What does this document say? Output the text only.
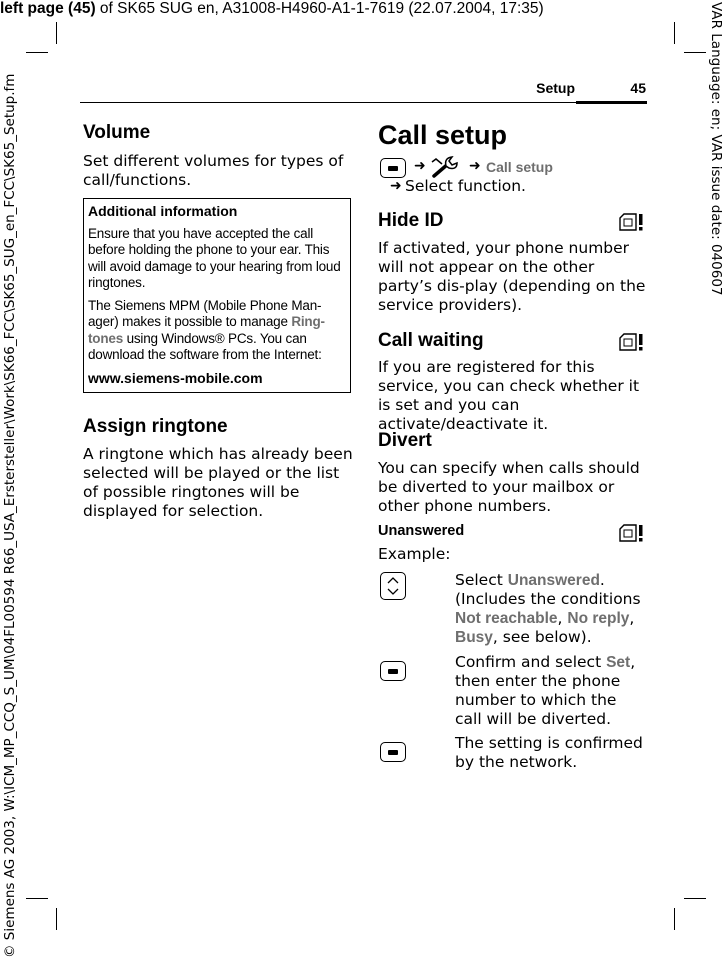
left page (45) of SK65 SUG en, A31008-H4960-A1-1-7619 (22.07.2004, 17:35)
© Siemens AG 2003, W:\ICM_MP_CCQ_S_UM\04FL00594 R66_USA_Erstersteller\Work\SK66_FCC\SK65_SUG_en_FCC\SK65_Setup.fm	VAR Language: en; VAR issue date: 040607
Setup	45
Volume

Set different volumes for types of call/functions.

Additional information
Ensure that you have accepted the call before holding the phone to your ear. This will avoid damage to your hearing from loud ringtones.
The Siemens MPM (Mobile Phone Man-ager) makes it possible to manage Ring-tones using Windows® PCs. You can download the software from the Internet:
www.siemens-mobile.com
Assign ringtone

A ringtone which has already been selected will be played or the list of possible ringtones will be displayed for selection.

Call setup
➜	➜ Call setup
➜ Select function.
Hide ID

If activated, your phone number will not appear on the other party’s dis-play (depending on the service providers).

Call waiting

If you are registered for this service, you can check whether it is set and you can activate/deactivate it.

Divert

You can specify when calls should be diverted to your mailbox or other phone numbers.

Unanswered

Example:

Select Unanswered. (Includes the conditions Not reachable, No reply, Busy, see below).

Confirm and select Set, then enter the phone number to which the call will be diverted.

The setting is confirmed by the network.
